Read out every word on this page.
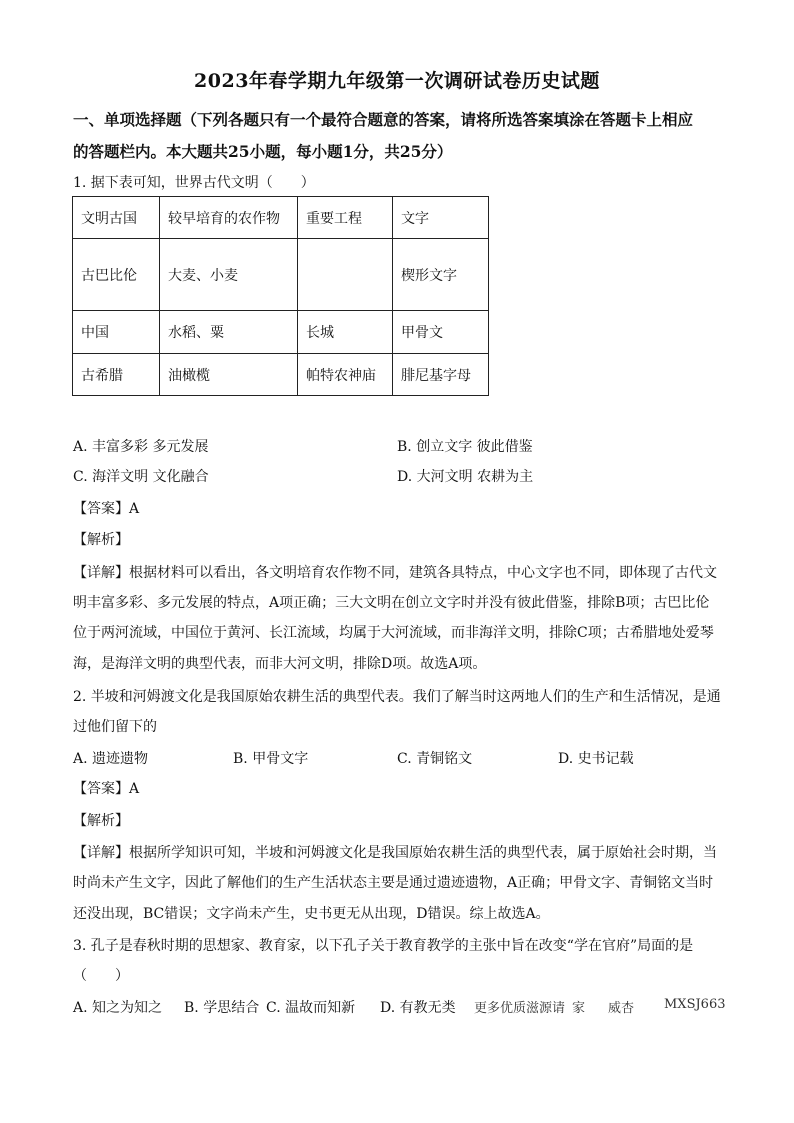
2023年春学期九年级第一次调研试卷历史试题
一、单项选择题（下列各题只有一个最符合题意的答案，请将所选答案填涂在答题卡上相应
的答题栏内。本大题共25小题，每小题1分，共25分）
1. 据下表可知，世界古代文明（　　）
文明古国	较早培育的农作物	重要工程	文字
古巴比伦	大麦、小麦		楔形文字
中国	水稻、粟	长城	甲骨文
古希腊	油橄榄	帕特农神庙	腓尼基字母
A. 丰富多彩 多元发展	B. 创立文字 彼此借鉴
C. 海洋文明 文化融合	D. 大河文明 农耕为主
【答案】A
【解析】
【详解】根据材料可以看出，各文明培育农作物不同，建筑各具特点，中心文字也不同，即体现了古代文
明丰富多彩、多元发展的特点，A项正确；三大文明在创立文字时并没有彼此借鉴，排除B项；古巴比伦
位于两河流域，中国位于黄河、长江流域，均属于大河流域，而非海洋文明，排除C项；古希腊地处爱琴
海，是海洋文明的典型代表，而非大河文明，排除D项。故选A项。
2. 半坡和河姆渡文化是我国原始农耕生活的典型代表。我们了解当时这两地人们的生产和生活情况，是通
过他们留下的
A. 遗迹遗物	B. 甲骨文字	C. 青铜铭文	D. 史书记载
【答案】A
【解析】
【详解】根据所学知识可知，半坡和河姆渡文化是我国原始农耕生活的典型代表，属于原始社会时期，当
时尚未产生文字，因此了解他们的生产生活状态主要是通过遗迹遗物，A正确；甲骨文字、青铜铭文当时
还没出现，BC错误；文字尚未产生，史书更无从出现，D错误。综上故选A。
3. 孔子是春秋时期的思想家、教育家，以下孔子关于教育教学的主张中旨在改变“学在官府”局面的是
（　　）
A. 知之为知之 B. 学思结合 C. 温故而知新 D. 有教无类 更多优质滋源请 家 威杏 MXSJ663
